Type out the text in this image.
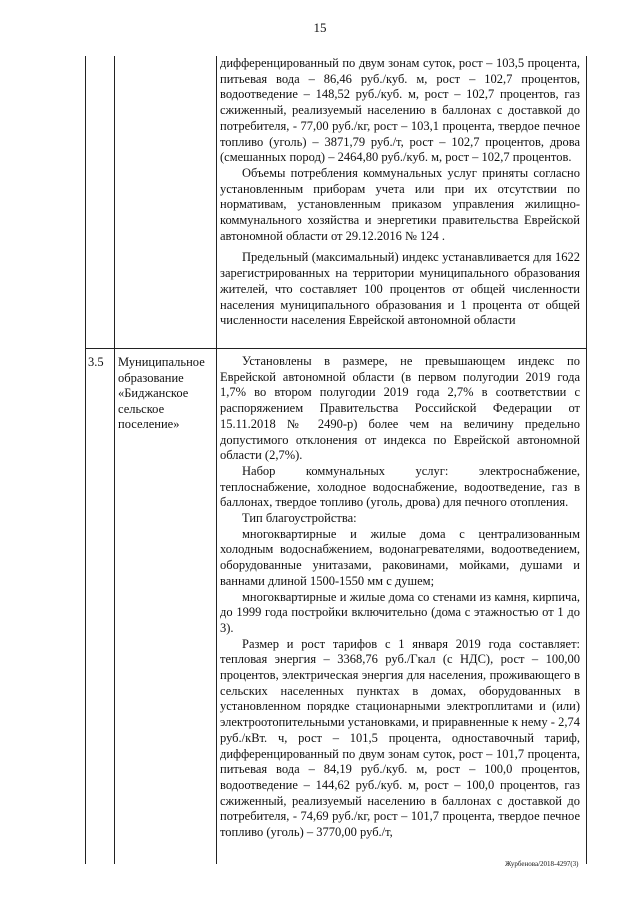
15

дифференцированный по двум зонам суток, рост – 103,5 процента, питьевая вода – 86,46 руб./куб. м, рост – 102,7 процентов, водоотведение – 148,52 руб./куб. м, рост – 102,7 процентов, газ сжиженный, реализуемый населению в баллонах с доставкой до потребителя, - 77,00 руб./кг, рост – 103,1 процента, твердое печное топливо (уголь) – 3871,79 руб./т, рост – 102,7 процентов, дрова (смешанных пород) – 2464,80 руб./куб. м, рост – 102,7 процентов.

Объемы потребления коммунальных услуг приняты согласно установленным приборам учета или при их отсутствии по нормативам, установленным приказом управления жилищно-коммунального хозяйства и энергетики правительства Еврейской автономной области от 29.12.2016 № 124 .

Предельный (максимальный) индекс устанавливается для 1622 зарегистрированных на территории муниципального образования жителей, что составляет 100 процентов от общей численности населения муниципального образования и 1 процента от общей численности населения Еврейской автономной области

3.5 Муниципальное образование «Биджанское сельское поселение»

Установлены в размере, не превышающем индекс по Еврейской автономной области (в первом полугодии 2019 года 1,7% во втором полугодии 2019 года 2,7% в соответствии с распоряжением Правительства Российской Федерации от 15.11.2018 № 2490-р) более чем на величину предельно допустимого отклонения от индекса по Еврейской автономной области (2,7%).

Набор коммунальных услуг: электроснабжение, теплоснабжение, холодное водоснабжение, водоотведение, газ в баллонах, твердое топливо (уголь, дрова) для печного отопления.

Тип благоустройства:

многоквартирные и жилые дома с централизованным холодным водоснабжением, водонагревателями, водоотведением, оборудованные унитазами, раковинами, мойками, душами и ваннами длиной 1500-1550 мм с душем;

многоквартирные и жилые дома со стенами из камня, кирпича, до 1999 года постройки включительно (дома с этажностью от 1 до 3).

Размер и рост тарифов с 1 января 2019 года составляет: тепловая энергия – 3368,76 руб./Гкал (с НДС), рост – 100,00 процентов, электрическая энергия для населения, проживающего в сельских населенных пунктах в домах, оборудованных в установленном порядке стационарными электроплитами и (или) электроотопительными установками, и приравненные к нему - 2,74 руб./кВт. ч, рост – 101,5 процента, одноставочный тариф, дифференцированный по двум зонам суток, рост – 101,7 процента, питьевая вода – 84,19 руб./куб. м, рост – 100,0 процентов, водоотведение – 144,62 руб./куб. м, рост – 100,0 процентов, газ сжиженный, реализуемый населению в баллонах с доставкой до потребителя, - 74,69 руб./кг, рост – 101,7 процента, твердое печное топливо (уголь) – 3770,00 руб./т,

Журбенова/2018-4297(3)
